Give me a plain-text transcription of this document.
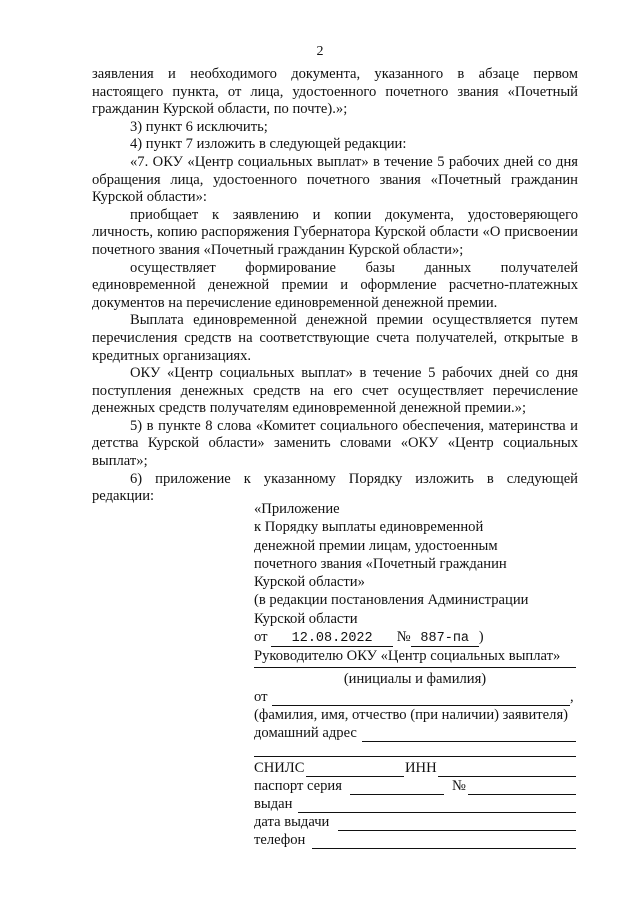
2

заявления и необходимого документа, указанного в абзаце первом настоящего пункта, от лица, удостоенного почетного звания «Почетный гражданин Курской области, по почте).»;

3) пункт 6 исключить;

4) пункт 7 изложить в следующей редакции:

«7. ОКУ «Центр социальных выплат» в течение 5 рабочих дней со дня обращения лица, удостоенного почетного звания «Почетный гражданин Курской области»:

приобщает к заявлению и копии документа, удостоверяющего личность, копию распоряжения Губернатора Курской области «О присвоении почетного звания «Почетный гражданин Курской области»;

осуществляет формирование базы данных получателей единовременной денежной премии и оформление расчетно-платежных документов на перечисление единовременной денежной премии.

Выплата единовременной денежной премии осуществляется путем перечисления средств на соответствующие счета получателей, открытые в кредитных организациях.

ОКУ «Центр социальных выплат» в течение 5 рабочих дней со дня поступления денежных средств на его счет осуществляет перечисление денежных средств получателям единовременной денежной премии.»;

5) в пункте 8 слова «Комитет социального обеспечения, материнства и детства Курской области» заменить словами «ОКУ «Центр социальных выплат»;

6) приложение к указанному Порядку изложить в следующей редакции:

«Приложение
к Порядку выплаты единовременной
денежной премии лицам, удостоенным
почетного звания «Почетный гражданин
Курской области»
(в редакции постановления Администрации
Курской области
от 12.08.2022 № 887-па )
Руководителю ОКУ «Центр социальных выплат»
(инициалы и фамилия)
от	,
(фамилия, имя, отчество (при наличии) заявителя)
домашний адрес
СНИЛС	ИНН
паспорт серия	№
выдан
дата выдачи
телефон
